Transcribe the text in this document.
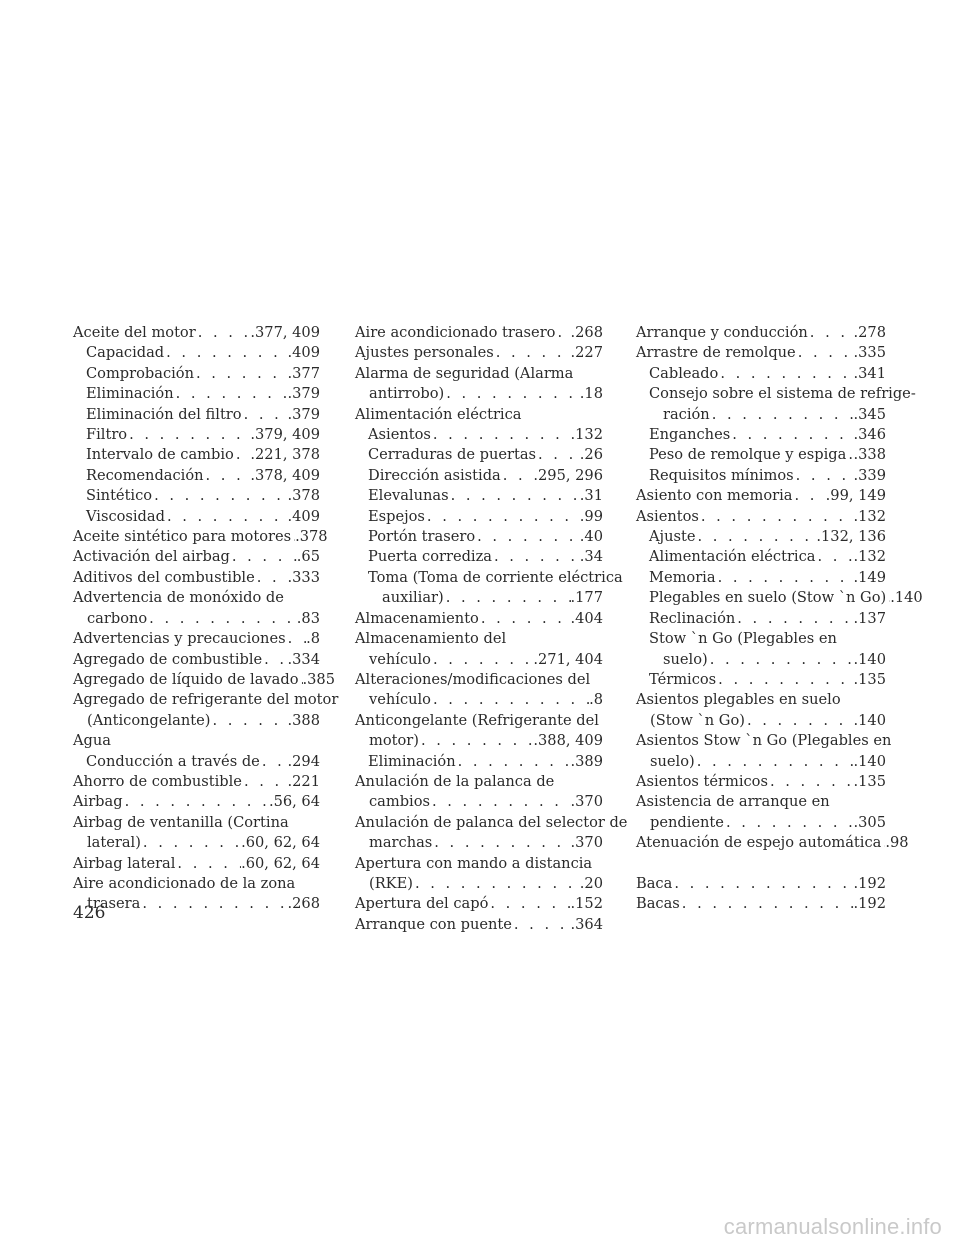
Aceite del motor . . .	.377, 409
Capacidad . . .	.409
Comprobación . . .	.377
Eliminación . . .	.379
Eliminación del filtro . . .	.379
Filtro . . .	.379, 409
Intervalo de cambio . . . .221, 378
Recomendación . . .	.378, 409
Sintético . . .	.378
Viscosidad . . .	.409
Aceite sintético para motores . . . .378
Activación del airbag . . .	.65
Aditivos del combustible . . . .333
Advertencia de monóxido de
carbono . . .	.83
Advertencias y precauciones . . . .8
Agregado de combustible . . . .334
Agregado de líquido de lavado . . . .385
Agregado de refrigerante del motor
(Anticongelante) . . .	.388
Agua
Conducción a través de . . . .294
Ahorro de combustible . . .	.221
Airbag . . .	.56, 64
Airbag de ventanilla (Cortina
lateral) . . .	.60, 62, 64
Airbag lateral . . .	.60, 62, 64
Aire acondicionado de la zona
trasera . . .	.268
Aire acondicionado trasero . . . .268
Ajustes personales . . .	.227
Alarma de seguridad (Alarma
antirrobo) . . .	.18
Alimentación eléctrica
Asientos . . .	.132
Cerraduras de puertas . . .	.26
Dirección asistida . . . .295, 296
Elevalunas . . .	.31
Espejos . . .	.99
Portón trasero . . .	.40
Puerta corrediza . . .	.34
Toma (Toma de corriente eléctrica
auxiliar) . . .	.177
Almacenamiento . . .	.404
Almacenamiento del
vehículo . . .	.271, 404
Alteraciones/modificaciones del
vehículo . . .	.8
Anticongelante (Refrigerante del
motor) . . .	.388, 409
Eliminación . . .	.389
Anulación de la palanca de
cambios . . .	.370
Anulación de palanca del selector de
marchas . . .	.370
Apertura con mando a distancia
(RKE) . . .	.20
Apertura del capó . . .	.152
Arranque con puente . . .	.364
Arranque y conducción . . .	.278
Arrastre de remolque . . .	.335
Cableado . . .	.341
Consejo sobre el sistema de refrige-
ración . . .	.345
Enganches . . .	.346
Peso de remolque y espiga . . . .338
Requisitos mínimos . . .	.339
Asiento con memoria . . . .99, 149
Asientos . . .	.132
Ajuste . . .	.132, 136
Alimentación eléctrica . . .	.132
Memoria . . .	.149
Plegables en suelo (Stow `n Go) . . . .140
Reclinación . . .	.137
Stow `n Go (Plegables en
suelo) . . .	.140
Térmicos . . .	.135
Asientos plegables en suelo
(Stow `n Go) . . .	.140
Asientos Stow `n Go (Plegables en
suelo) . . .	.140
Asientos térmicos . . .	.135
Asistencia de arranque en
pendiente . . .	.305
Atenuación de espejo automática . . . .98
Baca . . .	.192
Bacas . . .	.192
426
carmanualsonline.info
